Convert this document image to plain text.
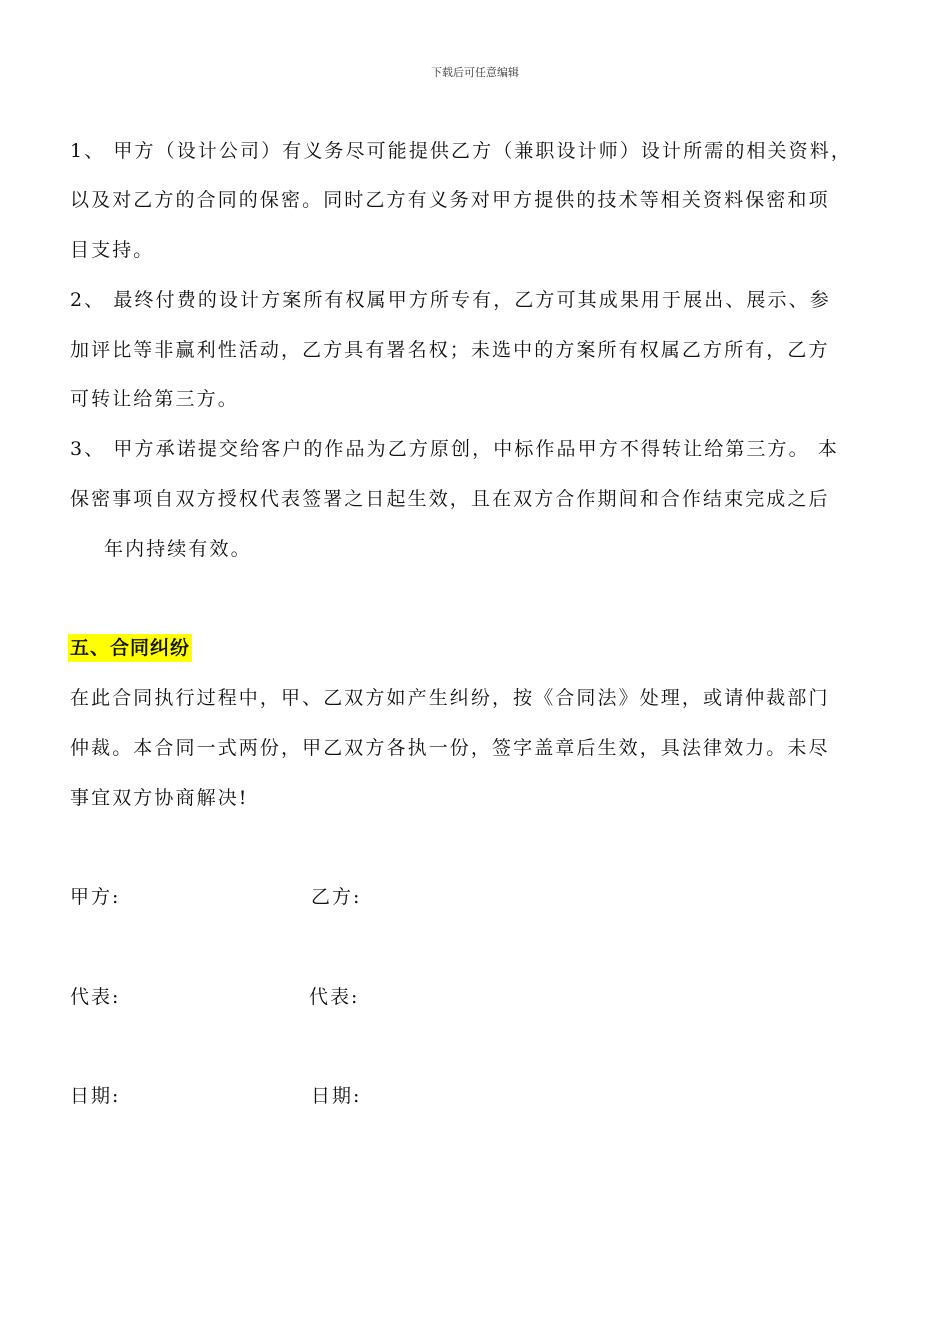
下载后可任意编辑
1、 甲方（设计公司）有义务尽可能提供乙方（兼职设计师）设计所需的相关资料，
以及对乙方的合同的保密。同时乙方有义务对甲方提供的技术等相关资料保密和项
目支持。
2、 最终付费的设计方案所有权属甲方所专有，乙方可其成果用于展出、展示、参
加评比等非赢利性活动，乙方具有署名权；未选中的方案所有权属乙方所有，乙方
可转让给第三方。
3、 甲方承诺提交给客户的作品为乙方原创，中标作品甲方不得转让给第三方。 本
保密事项自双方授权代表签署之日起生效，且在双方合作期间和合作结束完成之后
年内持续有效。
五、合同纠纷
在此合同执行过程中，甲、乙双方如产生纠纷，按《合同法》处理，或请仲裁部门
仲裁。本合同一式两份，甲乙双方各执一份，签字盖章后生效，具法律效力。未尽
事宜双方协商解决!
甲方:	乙方:
代表:	代表:
日期:	日期:
